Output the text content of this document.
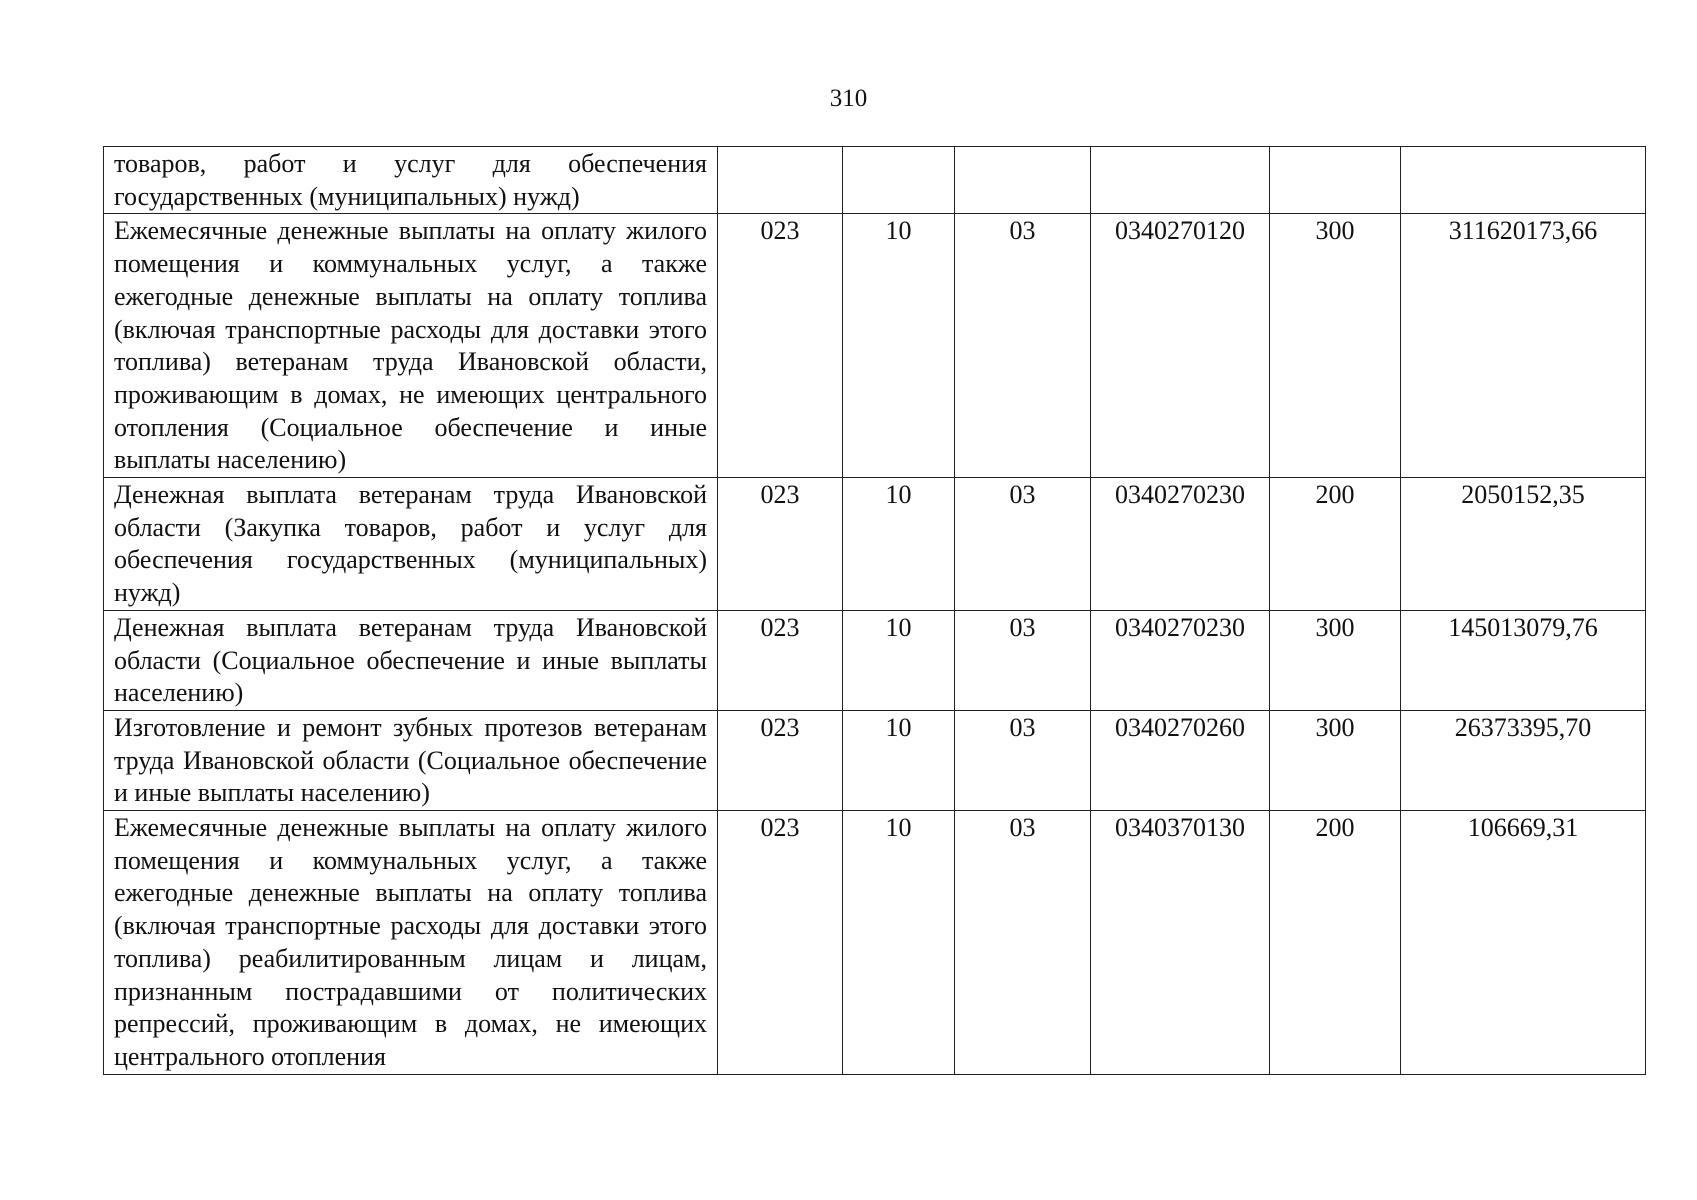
310
товаров, работ и услуг для обеспечения государственных (муниципальных) нужд)						
Ежемесячные денежные выплаты на оплату жилого помещения и коммунальных услуг, а также ежегодные денежные выплаты на оплату топлива (включая транспортные расходы для доставки этого топлива) ветеранам труда Ивановской области, проживающим в домах, не имеющих центрального отопления (Социальное обеспечение и иные выплаты населению)	023	10	03	0340270120	300	311620173,66
Денежная выплата ветеранам труда Ивановской области (Закупка товаров, работ и услуг для обеспечения государственных (муниципальных) нужд)	023	10	03	0340270230	200	2050152,35
Денежная выплата ветеранам труда Ивановской области (Социальное обеспечение и иные выплаты населению)	023	10	03	0340270230	300	145013079,76
Изготовление и ремонт зубных протезов ветеранам труда Ивановской области (Социальное обеспечение и иные выплаты населению)	023	10	03	0340270260	300	26373395,70
Ежемесячные денежные выплаты на оплату жилого помещения и коммунальных услуг, а также ежегодные денежные выплаты на оплату топлива (включая транспортные расходы для доставки этого топлива) реабилитированным лицам и лицам, признанным пострадавшими от политических репрессий, проживающим в домах, не имеющих центрального отопления	023	10	03	0340370130	200	106669,31
